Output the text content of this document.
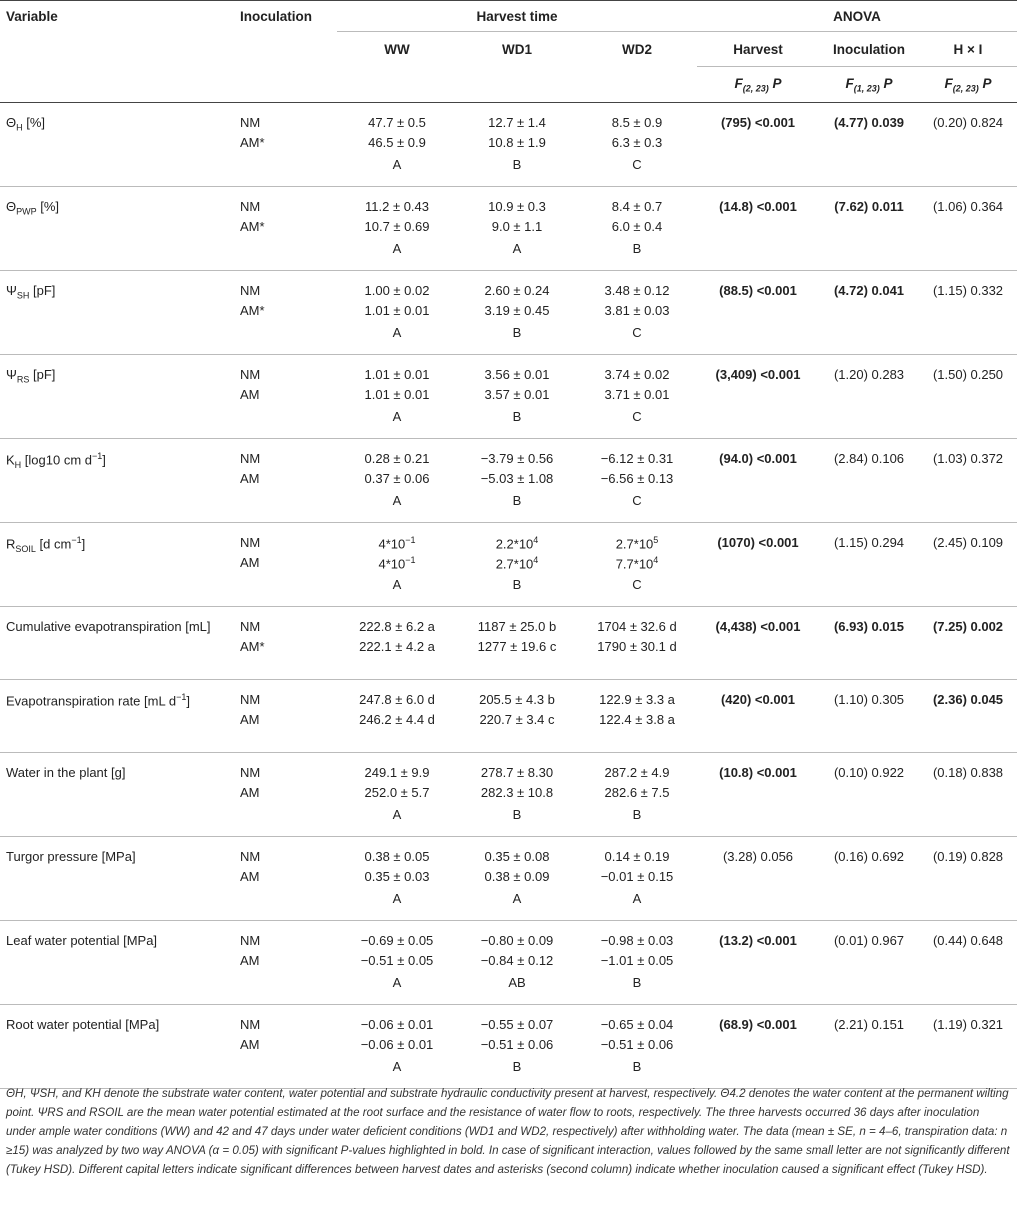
Variable	Inoculation	Harvest time			ANOVA		
		WW	WD1	WD2	Harvest	Inoculation	H × I
					$F_{(2, 23)}$ P	$F_{(1, 23)}$ P	$F_{(2, 23)}$ P
$\Theta_H$ [%]	NM	47.7 ± 0.5	12.7 ± 1.4	8.5 ± 0.9	(795) <0.001	(4.77) 0.039	(0.20) 0.824
	AM*	46.5 ± 0.9	10.8 ± 1.9	6.3 ± 0.3			
		A	B	C			
$\Theta_{PWP}$ [%]	NM	11.2 ± 0.43	10.9 ± 0.3	8.4 ± 0.7	(14.8) <0.001	(7.62) 0.011	(1.06) 0.364
	AM*	10.7 ± 0.69	9.0 ± 1.1	6.0 ± 0.4			
		A	A	B			
$\Psi_{SH}$ [pF]	NM	1.00 ± 0.02	2.60 ± 0.24	3.48 ± 0.12	(88.5) <0.001	(4.72) 0.041	(1.15) 0.332
	AM*	1.01 ± 0.01	3.19 ± 0.45	3.81 ± 0.03			
		A	B	C			
$\Psi_{RS}$ [pF]	NM	1.01 ± 0.01	3.56 ± 0.01	3.74 ± 0.02	(3,409) <0.001	(1.20) 0.283	(1.50) 0.250
	AM	1.01 ± 0.01	3.57 ± 0.01	3.71 ± 0.01			
		A	B	C			
$K_H$ [log10 cm $d^{-1}$]	NM	0.28 ± 0.21	−3.79 ± 0.56	−6.12 ± 0.31	(94.0) <0.001	(2.84) 0.106	(1.03) 0.372
	AM	0.37 ± 0.06	−5.03 ± 1.08	−6.56 ± 0.13			
		A	B	C			
$R_{SOIL}$ [d $cm^{-1}$]	NM	$4*10^{-1}$	$2.2*10^4$	$2.7*10^5$	(1070) <0.001	(1.15) 0.294	(2.45) 0.109
	AM	$4*10^{-1}$	$2.7*10^4$	$7.7*10^4$			
		A	B	C			
Cumulative evapotranspiration [mL]	NM	222.8 ± 6.2 a	1187 ± 25.0 b	1704 ± 32.6 d	(4,438) <0.001	(6.93) 0.015	(7.25) 0.002
	AM*	222.1 ± 4.2 a	1277 ± 19.6 c	1790 ± 30.1 d			
Evapotranspiration rate [mL $d^{-1}$]	NM	247.8 ± 6.0 d	205.5 ± 4.3 b	122.9 ± 3.3 a	(420) <0.001	(1.10) 0.305	(2.36) 0.045
	AM	246.2 ± 4.4 d	220.7 ± 3.4 c	122.4 ± 3.8 a			
Water in the plant [g]	NM	249.1 ± 9.9	278.7 ± 8.30	287.2 ± 4.9	(10.8) <0.001	(0.10) 0.922	(0.18) 0.838
	AM	252.0 ± 5.7	282.3 ± 10.8	282.6 ± 7.5			
		A	B	B			
Turgor pressure [MPa]	NM	0.38 ± 0.05	0.35 ± 0.08	0.14 ± 0.19	(3.28) 0.056	(0.16) 0.692	(0.19) 0.828
	AM	0.35 ± 0.03	0.38 ± 0.09	−0.01 ± 0.15			
		A	A	A			
Leaf water potential [MPa]	NM	−0.69 ± 0.05	−0.80 ± 0.09	−0.98 ± 0.03	(13.2) <0.001	(0.01) 0.967	(0.44) 0.648
	AM	−0.51 ± 0.05	−0.84 ± 0.12	−1.01 ± 0.05			
		A	AB	B			
Root water potential [MPa]	NM	−0.06 ± 0.01	−0.55 ± 0.07	−0.65 ± 0.04	(68.9) <0.001	(2.21) 0.151	(1.19) 0.321
	AM	−0.06 ± 0.01	−0.51 ± 0.06	−0.51 ± 0.06			
		A	B	B			
ΘH, ΨSH, and KH denote the substrate water content, water potential and substrate hydraulic conductivity present at harvest, respectively. Θ4.2 denotes the water content at the permanent wilting point. ΨRS and RSOIL are the mean water potential estimated at the root surface and the resistance of water flow to roots, respectively. The three harvests occurred 36 days after inoculation under ample water conditions (WW) and 42 and 47 days under water deficient conditions (WD1 and WD2, respectively) after withholding water. The data (mean ± SE, n = 4–6, transpiration data: n ≥15) was analyzed by two way ANOVA (α = 0.05) with significant P-values highlighted in bold. In case of significant interaction, values followed by the same small letter are not significantly different (Tukey HSD). Different capital letters indicate significant differences between harvest dates and asterisks (second column) indicate whether inoculation caused a significant effect (Tukey HSD).
